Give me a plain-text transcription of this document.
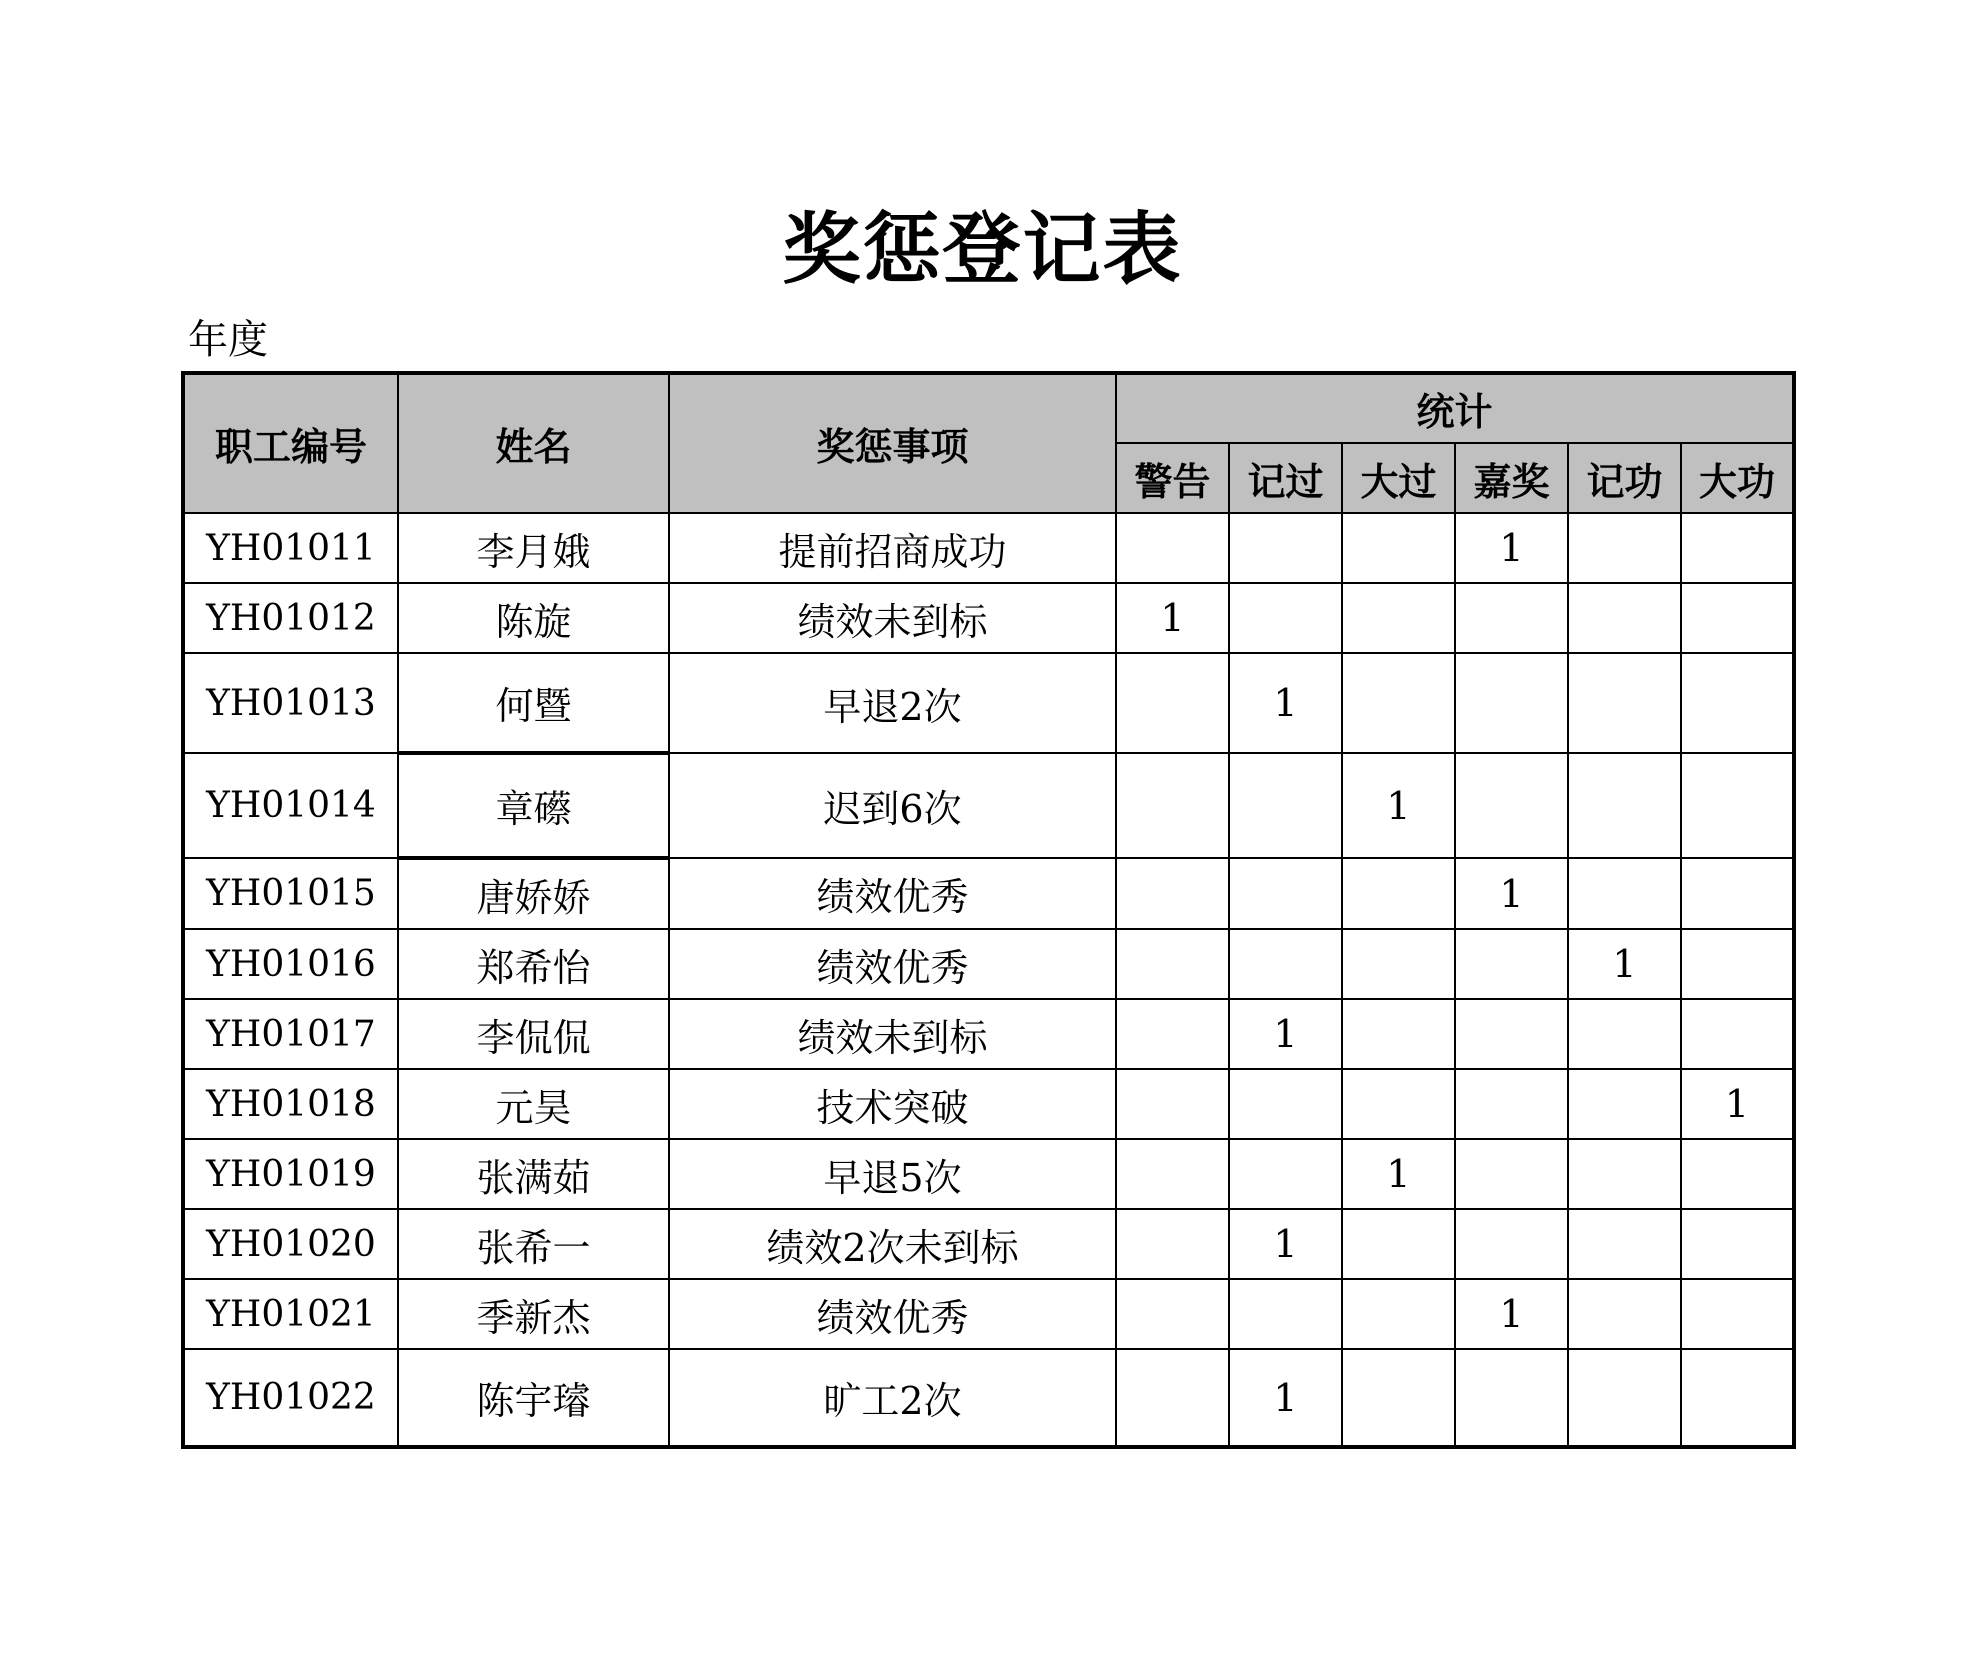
奖惩登记表
年度
职工编号	姓名	奖惩事项	统计					
			警告	记过	大过	嘉奖	记功	大功
YH01011	李月娥	提前招商成功				1		
YH01012	陈旋	绩效未到标	1					
YH01013	何暨	早退2次		1				
YH01014	章礤	迟到6次			1			
YH01015	唐娇娇	绩效优秀				1		
YH01016	郑希怡	绩效优秀					1	
YH01017	李侃侃	绩效未到标		1				
YH01018	元昊	技术突破						1
YH01019	张满茹	早退5次			1			
YH01020	张希一	绩效2次未到标		1				
YH01021	季新杰	绩效优秀				1		
YH01022	陈宇璿	旷工2次		1				
